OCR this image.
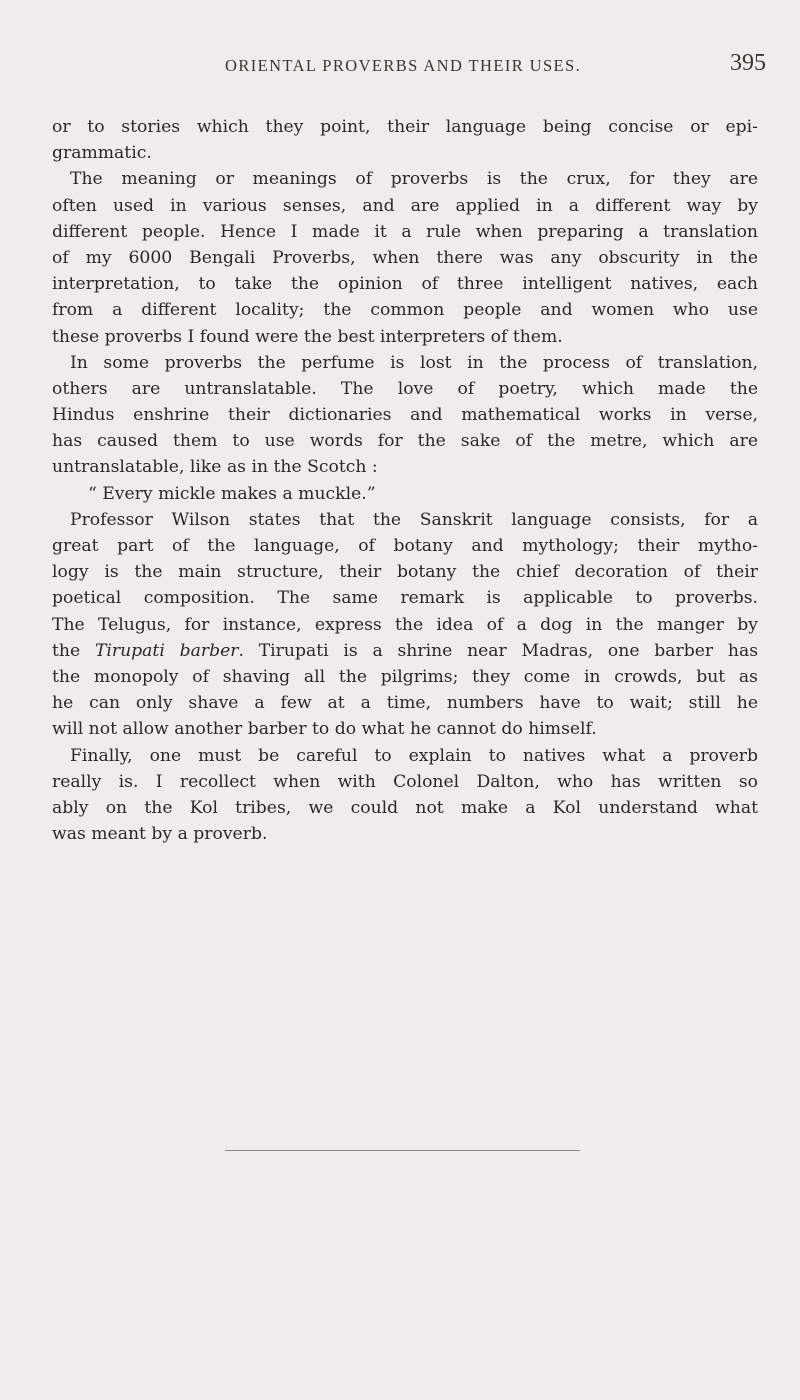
ORIENTAL PROVERBS AND THEIR USES.	395
or to stories which they point, their language being concise or epi-
grammatic.
The meaning or meanings of proverbs is the crux, for they are
often used in various senses, and are applied in a different way by
different people. Hence I made it a rule when preparing a translation
of my 6000 Bengali Proverbs, when there was any obscurity in the
interpretation, to take the opinion of three intelligent natives, each
from a different locality; the common people and women who use
these proverbs I found were the best interpreters of them.
In some proverbs the perfume is lost in the process of translation,
others are untranslatable. The love of poetry, which made the
Hindus enshrine their dictionaries and mathematical works in verse,
has caused them to use words for the sake of the metre, which are
untranslatable, like as in the Scotch :
“ Every mickle makes a muckle.”
Professor Wilson states that the Sanskrit language consists, for a
great part of the language, of botany and mythology; their mytho-
logy is the main structure, their botany the chief decoration of their
poetical composition. The same remark is applicable to proverbs.
The Telugus, for instance, express the idea of a dog in the manger by
the Tirupati barber. Tirupati is a shrine near Madras, one barber has
the monopoly of shaving all the pilgrims; they come in crowds, but as
he can only shave a few at a time, numbers have to wait; still he
will not allow another barber to do what he cannot do himself.
Finally, one must be careful to explain to natives what a proverb
really is. I recollect when with Colonel Dalton, who has written so
ably on the Kol tribes, we could not make a Kol understand what
was meant by a proverb.
